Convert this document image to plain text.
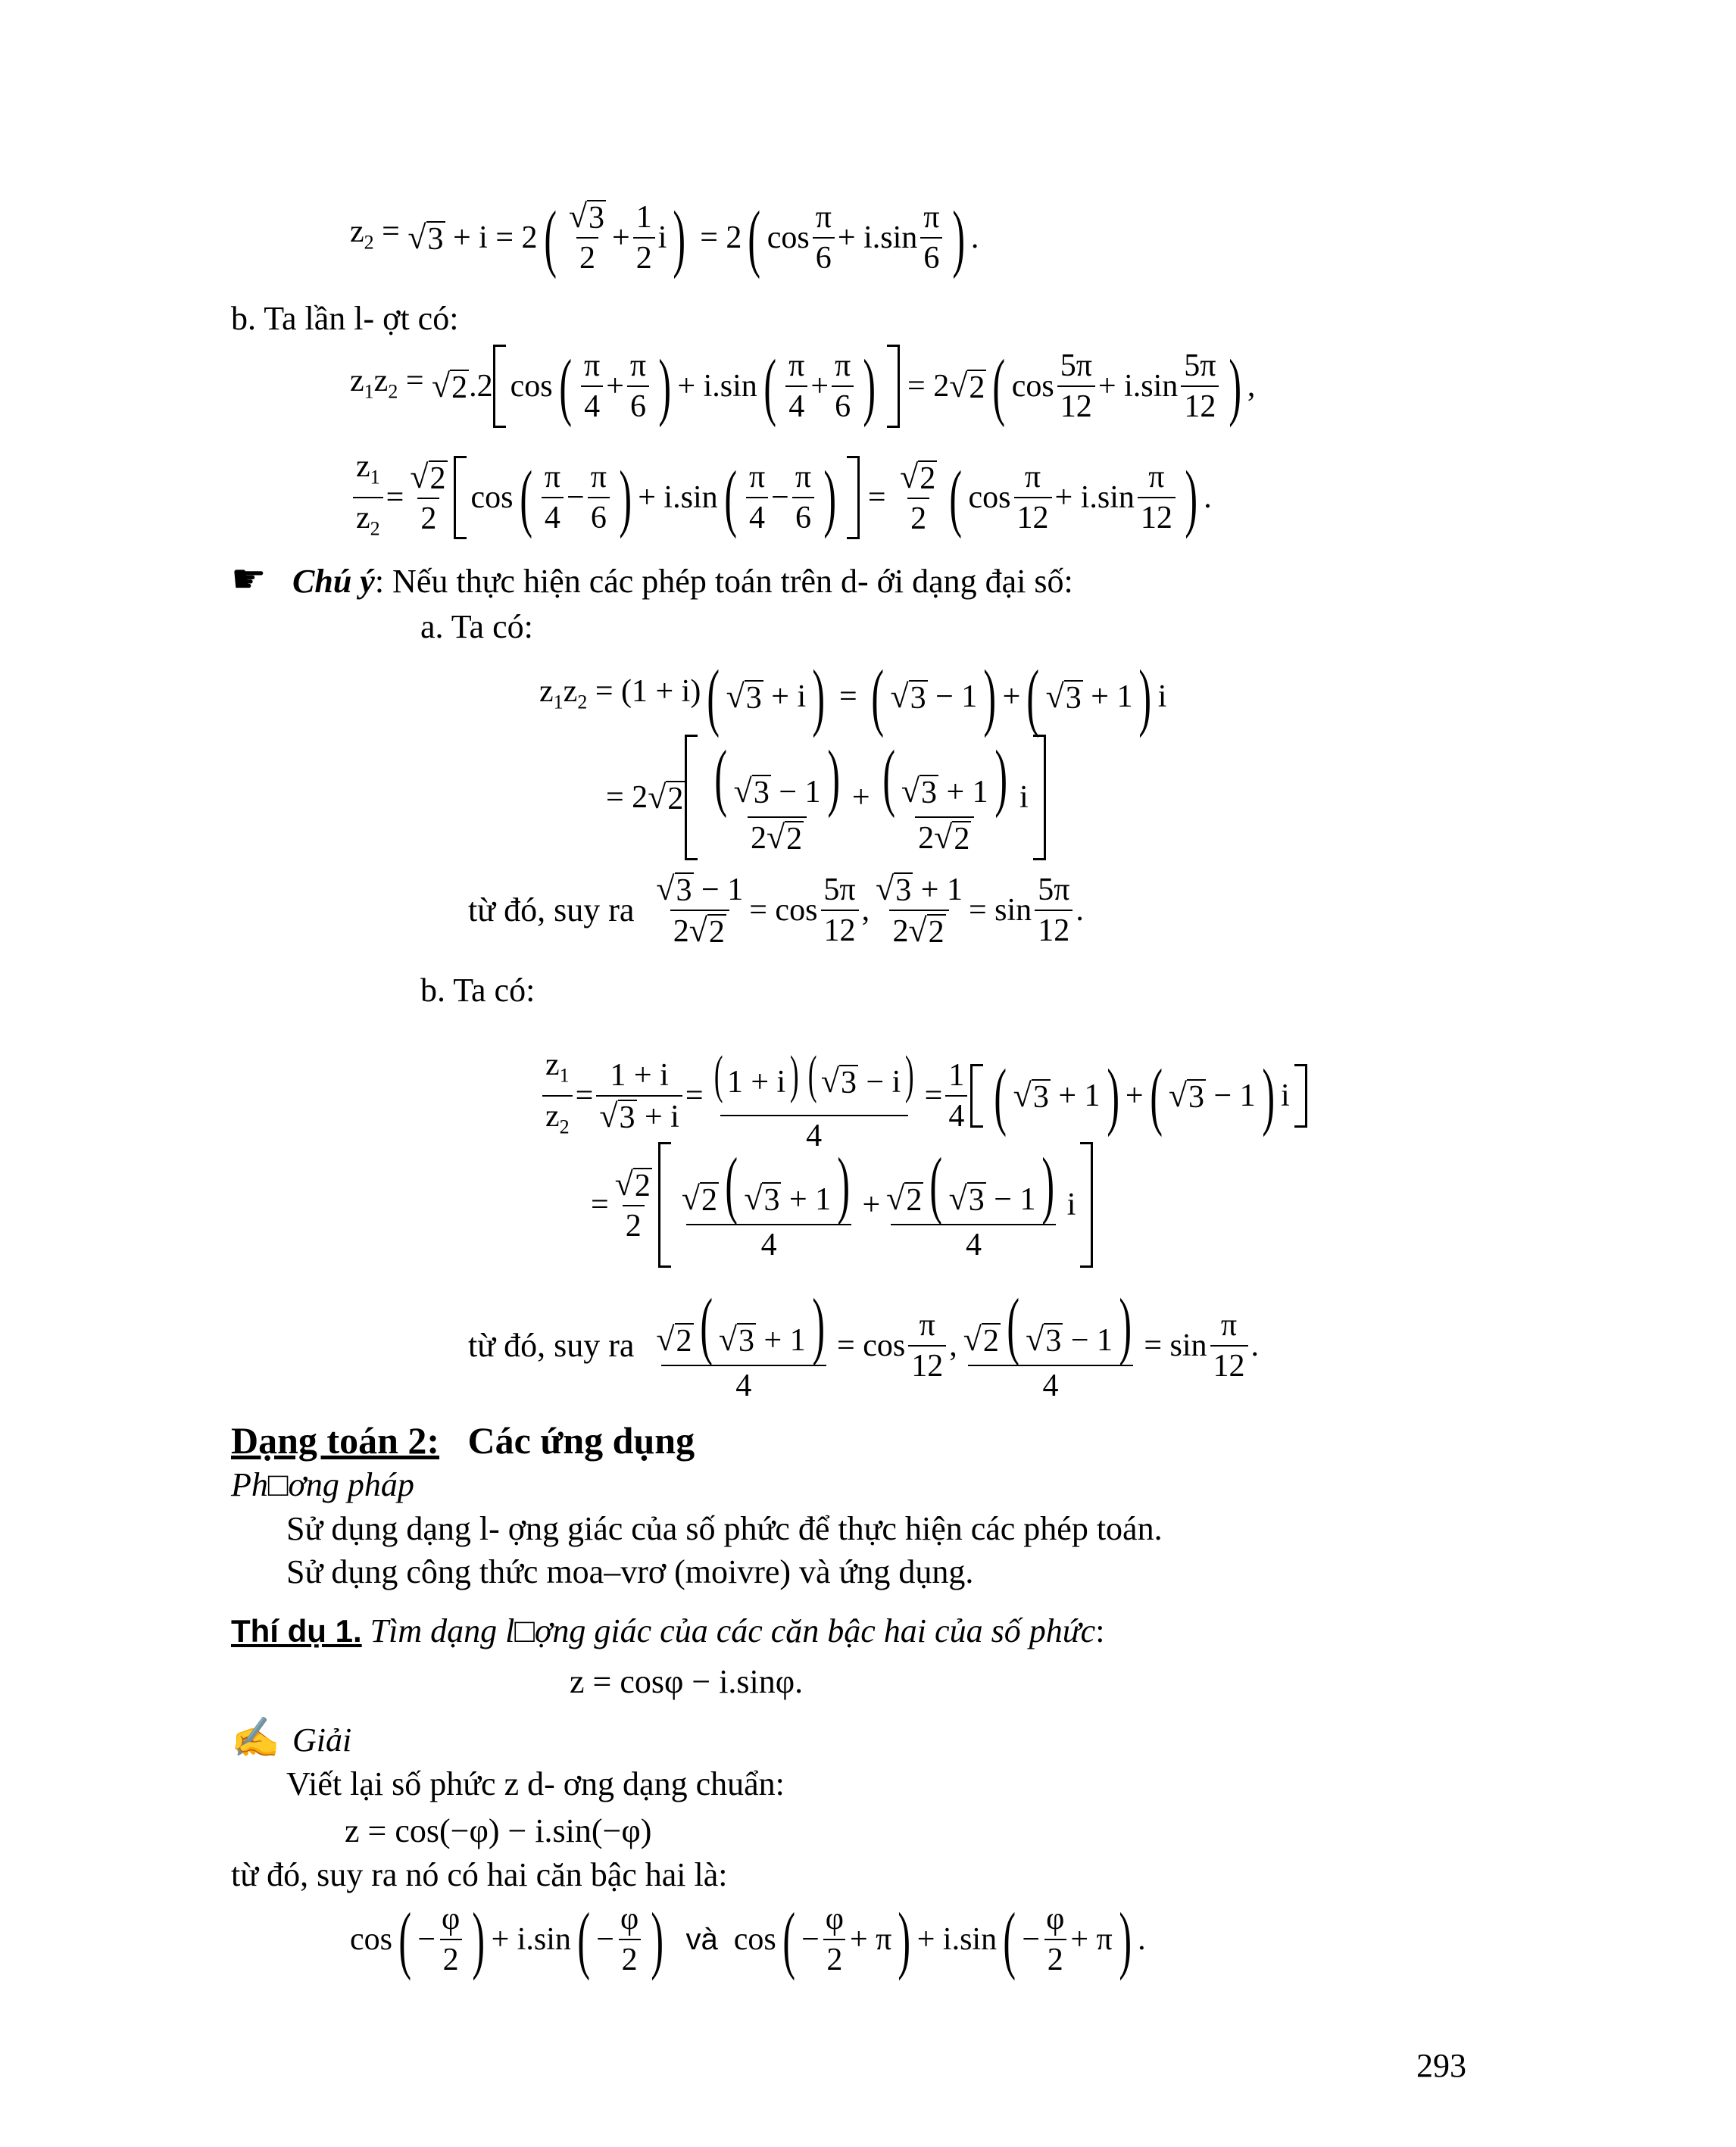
$z_2$ = √ 3 + i = 2 ( $\frac{√ 3}{2} + \frac{1}{2}$ i ) = 2 ( $\cos \frac{\pi}{6} + i.\sin \frac{\pi}{6}$ ) .
b. Ta lần l- ợt có:
$z_1z_2$ = √ 2 .2 cos ( $\frac{\pi}{4} + \frac{\pi}{6}$ ) + i.sin ( $\frac{\pi}{4} + \frac{\pi}{6}$ ) = 2 √ 2 ( $\cos \frac{5\pi}{12} + i.\sin \frac{5\pi}{12}$ ) ,
$\frac{z_1}{z_2} = \frac{√ 2}{2}$ cos ( $\frac{\pi}{4} - \frac{\pi}{6}$ ) + i.sin ( $\frac{\pi}{4} - \frac{\pi}{6}$ ) = $\frac{√ 2}{2}$ ( $\cos \frac{\pi}{12} + i.\sin \frac{\pi}{12}$ ) .
☛ Chú ý: Nếu thực hiện các phép toán trên d- ới dạng đại số:
a. Ta có:
$z_1z_2 = (1 + i)$ ( √ 3 + i ) = ( √ 3 − 1 ) + ( √ 3 + 1 ) i
= 2 √ $2 \frac{( √ 3 - 1)}{2 √ 2} + \frac{( √ 3 + 1)}{2 √ 2}$ i
từ đó, suy ra
$\frac{√ 3 - 1}{2 √ 2} = \cos \frac{5\pi}{12}$ , $\frac{√ 3 + 1}{2 √ 2} = \sin \frac{5\pi}{12}$ .
b. Ta có:
$\frac{z_1}{z_2} = \frac{1 + i}{√ 3 + i} = \frac{( 1 + i) ( √ 3 - i)}{4} = \frac{1}{4}$ ( √ 3 + 1 ) + ( √ 3 − 1 ) i
= $\frac{√ 2}{2} \frac{√ 2 ( √ 3 + 1)}{4} + \frac{√ 2 ( √ 3 - 1)}{4}$ i
từ đó, suy ra
$\frac{√ 2 ( √ 3 + 1)}{4} = \cos \frac{\pi}{12}$ , $\frac{√ 2 ( √ 3 - 1)}{4} = \sin \frac{\pi}{12}$ .
Dạng toán 2: Các ứng dụng
Ph□ơng pháp
Sử dụng dạng l- ợng giác của số phức để thực hiện các phép toán.
Sử dụng công thức moa–vrơ (moivre) và ứng dụng.
Thí dụ 1. Tìm dạng l□ợng giác của các căn bậc hai của số phức:
z = cosφ − i.sinφ.
✍ Giải
Viết lại số phức z d- ơng dạng chuẩn:
z = cos(−φ) − i.sin(−φ)
từ đó, suy ra nó có hai căn bậc hai là:
cos ( − $\frac{\varphi}{2}$ ) + i.sin ( − $\frac{\varphi}{2}$ )
và
cos ( − $\frac{\varphi}{2} + \pi$ ) + i.sin ( − $\frac{\varphi}{2} + \pi$ ) .
293
